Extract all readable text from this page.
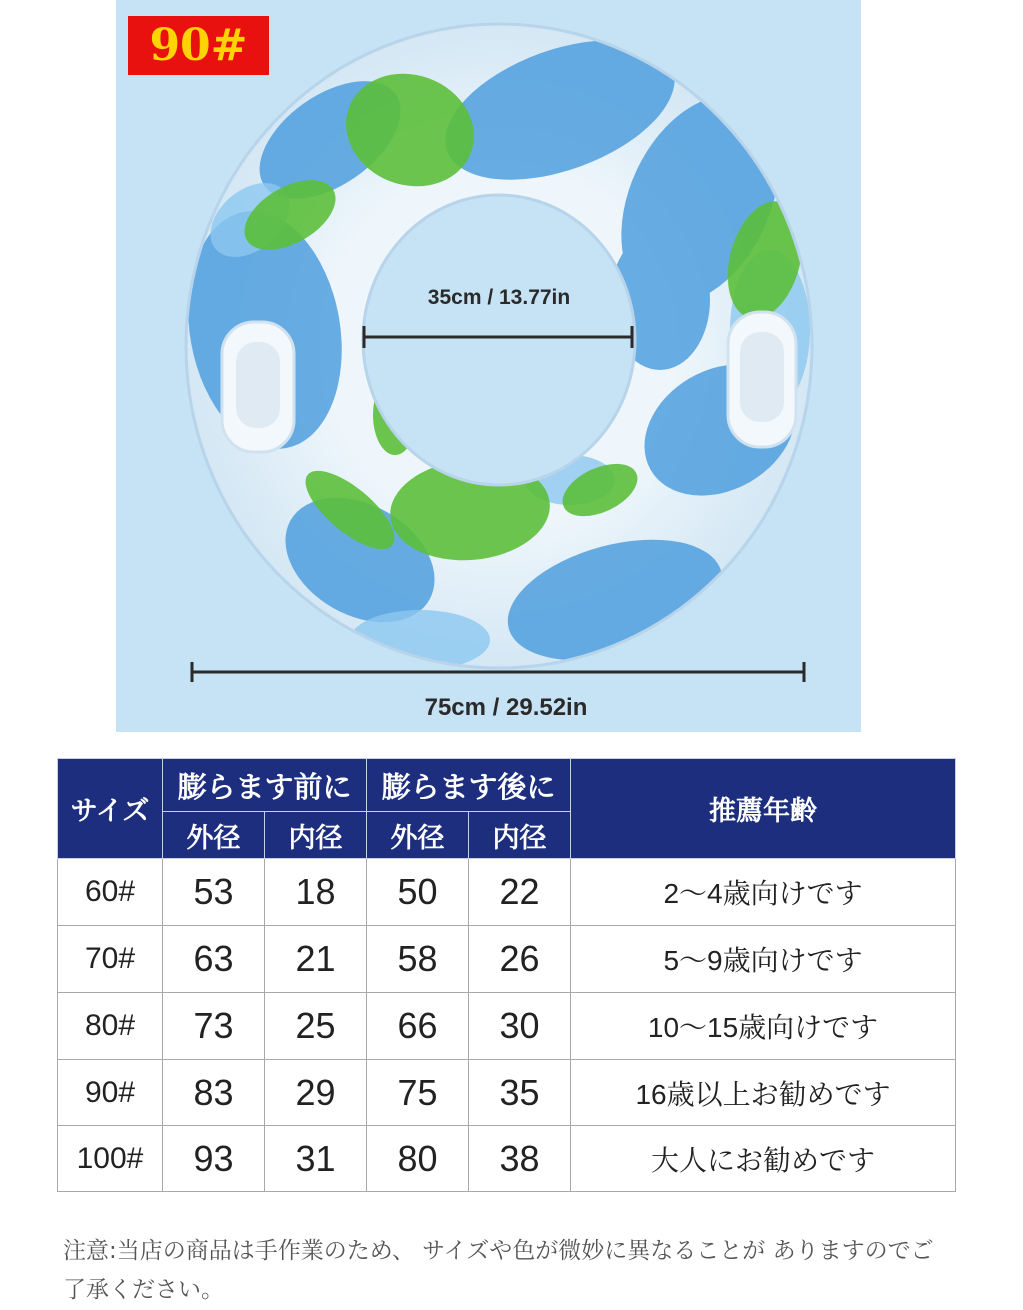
90#
35cm / 13.77in
75cm / 29.52in
サイズ	膨らます前に		膨らます後に		推薦年齢
	外径	内径	外径	内径	
60#	53	18	50	22	2～4歳向けです
70#	63	21	58	26	5～9歳向けです
80#	73	25	66	30	10～15歳向けです
90#	83	29	75	35	16歳以上お勧めです
100#	93	31	80	38	大人にお勧めです

注意:当店の商品は手作業のため、 サイズや色が微妙に異なることが ありますのでご了承ください。
